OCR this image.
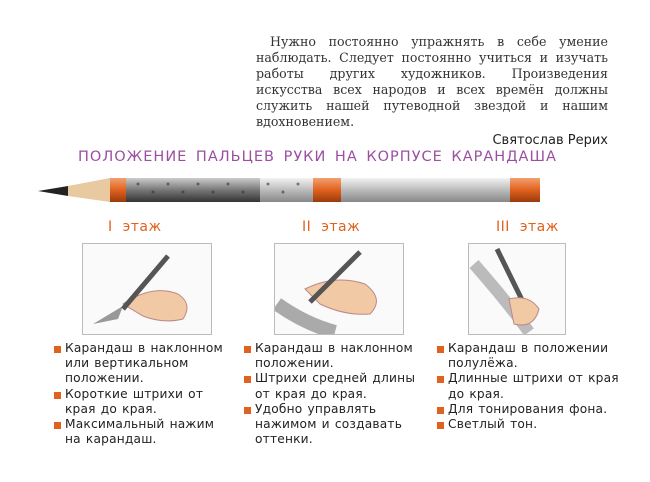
Нужно постоянно упражнять в себе умение наблюдать. Следует постоянно учиться и изучать работы других художников. Произведения искусства всех народов и всех времён должны служить нашей путеводной звездой и нашим вдохновением.

Святослав Рерих
ПОЛОЖЕНИЕ ПАЛЬЦЕВ РУКИ НА КОРПУСЕ КАРАНДАША
I этаж	II этаж	III этаж
Карандаш в наклонном или вертикальном положении.
Короткие штрихи от края до края.
Максимальный нажим на карандаш.
Карандаш в наклонном положении.
Штрихи средней длины от края до края.
Удобно управлять нажимом и создавать оттенки.
Карандаш в положении полулёжа.
Длинные штрихи от края до края.
Для тонирования фона.
Светлый тон.
